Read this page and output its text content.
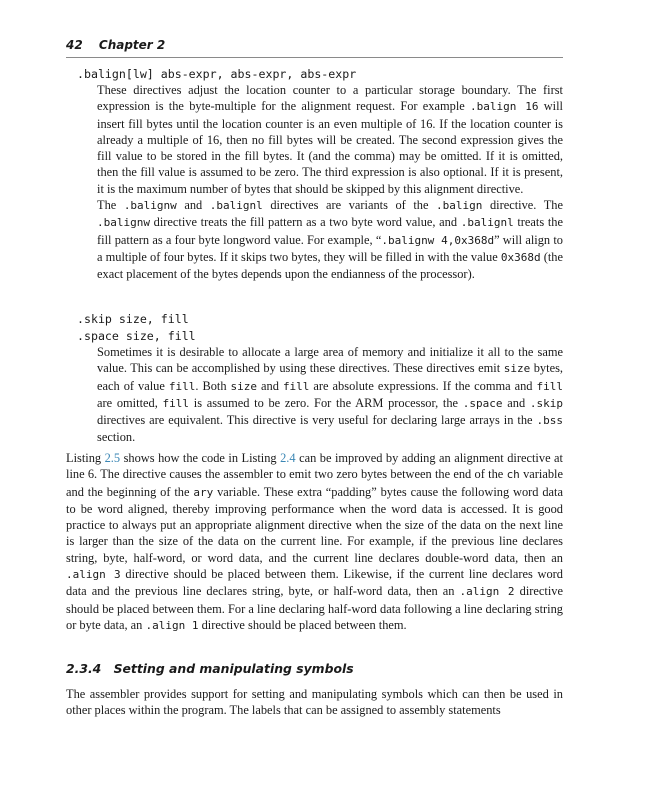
42 Chapter 2
.balign[lw] abs-expr, abs-expr, abs-expr

These directives adjust the location counter to a particular storage boundary. The first expression is the byte-multiple for the alignment request. For example .balign 16 will insert fill bytes until the location counter is an even multiple of 16. If the location counter is already a multiple of 16, then no fill bytes will be created. The second expression gives the fill value to be stored in the fill bytes. It (and the comma) may be omitted. If it is omitted, then the fill value is assumed to be zero. The third expression is also optional. If it is present, it is the maximum number of bytes that should be skipped by this alignment directive.

The .balignw and .balignl directives are variants of the .balign directive. The .balignw directive treats the fill pattern as a two byte word value, and .balignl treats the fill pattern as a four byte longword value. For example, “.balignw 4,0x368d” will align to a multiple of four bytes. If it skips two bytes, they will be filled in with the value 0x368d (the exact placement of the bytes depends upon the endianness of the processor).

.skip size, fill
.space size, fill

Sometimes it is desirable to allocate a large area of memory and initialize it all to the same value. This can be accomplished by using these directives. These directives emit size bytes, each of value fill. Both size and fill are absolute expressions. If the comma and fill are omitted, fill is assumed to be zero. For the ARM processor, the .space and .skip directives are equivalent. This directive is very useful for declaring large arrays in the .bss section.

Listing 2.5 shows how the code in Listing 2.4 can be improved by adding an alignment directive at line 6. The directive causes the assembler to emit two zero bytes between the end of the ch variable and the beginning of the ary variable. These extra “padding” bytes cause the following word data to be word aligned, thereby improving performance when the word data is accessed. It is good practice to always put an appropriate alignment directive when the size of the data on the next line is larger than the size of the data on the current line. For example, if the previous line declares string, byte, half-word, or word data, and the current line declares double-word data, then an .align 3 directive should be placed between them. Likewise, if the current line declares word data and the previous line declares string, byte, or half-word data, then an .align 2 directive should be placed between them. For a line declaring half-word data following a line declaring string or byte data, an .align 1 directive should be placed between them.

2.3.4 Setting and manipulating symbols

The assembler provides support for setting and manipulating symbols which can then be used in other places within the program. The labels that can be assigned to assembly statements
